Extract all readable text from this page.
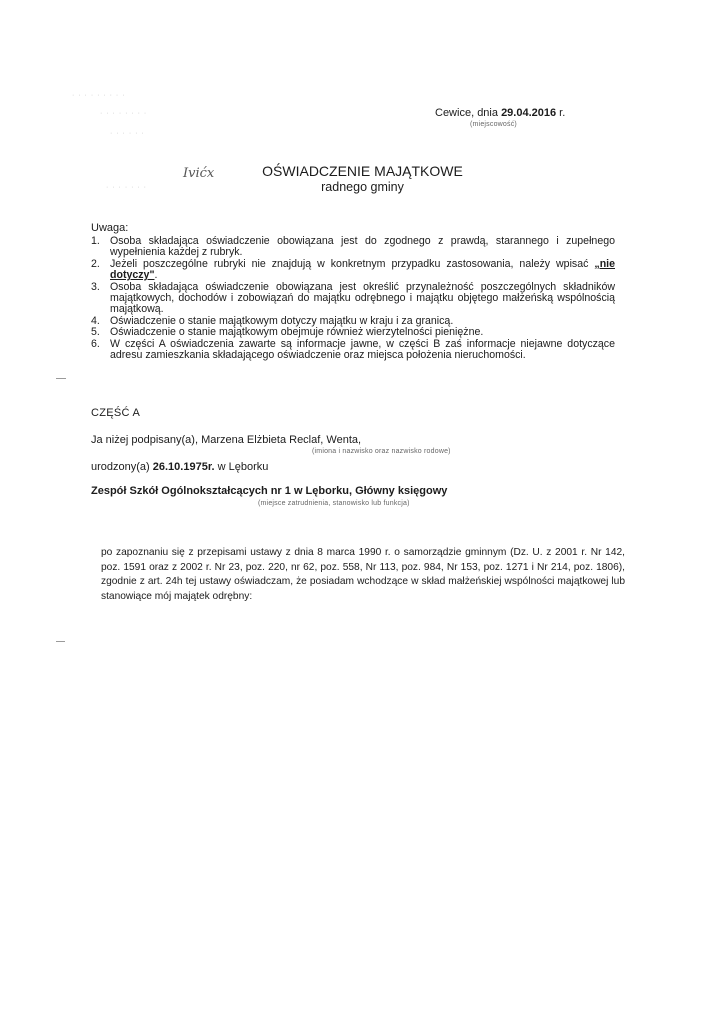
· · · · · · · · ·
· · · · · · · ·
· · · · · ·
· · · · · · ·
Ivićx
Cewice, dnia 29.04.2016 r.
(miejscowość)
OŚWIADCZENIE MAJĄTKOWE
radnego gminy
Uwaga:
1. Osoba składająca oświadczenie obowiązana jest do zgodnego z prawdą, starannego i zupełnego wypełnienia każdej z rubryk.
2. Jeżeli poszczególne rubryki nie znajdują w konkretnym przypadku zastosowania, należy wpisać „nie dotyczy".
3. Osoba składająca oświadczenie obowiązana jest określić przynależność poszczególnych składników majątkowych, dochodów i zobowiązań do majątku odrębnego i majątku objętego małżeńską wspólnością majątkową.
4. Oświadczenie o stanie majątkowym dotyczy majątku w kraju i za granicą.
5. Oświadczenie o stanie majątkowym obejmuje również wierzytelności pieniężne.
6. W części A oświadczenia zawarte są informacje jawne, w części B zaś informacje niejawne dotyczące adresu zamieszkania składającego oświadczenie oraz miejsca położenia nieruchomości.
CZĘŚĆ A
Ja niżej podpisany(a), Marzena Elżbieta Reclaf, Wenta,
(imiona i nazwisko oraz nazwisko rodowe)
urodzony(a) 26.10.1975r. w Lęborku
Zespół Szkół Ogólnokształcących nr 1 w Lęborku, Główny księgowy
(miejsce zatrudnienia, stanowisko lub funkcja)
po zapoznaniu się z przepisami ustawy z dnia 8 marca 1990 r. o samorządzie gminnym (Dz. U. z 2001 r. Nr 142, poz. 1591 oraz z 2002 r. Nr 23, poz. 220, nr 62, poz. 558, Nr 113, poz. 984, Nr 153, poz. 1271 i Nr 214, poz. 1806), zgodnie z art. 24h tej ustawy oświadczam, że posiadam wchodzące w skład małżeńskiej wspólności majątkowej lub stanowiące mój majątek odrębny:
